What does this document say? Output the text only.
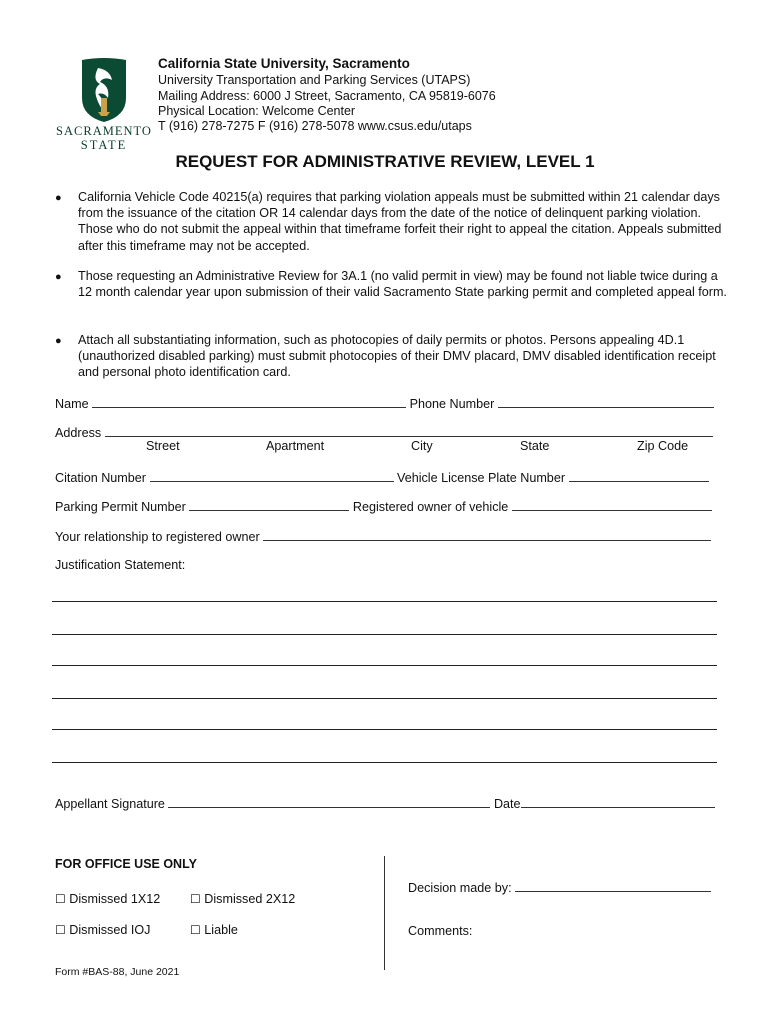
SACRAMENTO
STATE
California State University, Sacramento
University Transportation and Parking Services (UTAPS)
Mailing Address: 6000 J Street, Sacramento, CA 95819-6076
Physical Location: Welcome Center
T (916) 278-7275 F (916) 278-5078 www.csus.edu/utaps
REQUEST FOR ADMINISTRATIVE REVIEW, LEVEL 1
● California Vehicle Code 40215(a) requires that parking violation appeals must be submitted within 21 calendar days from the issuance of the citation OR 14 calendar days from the date of the notice of delinquent parking violation. Those who do not submit the appeal within that timeframe forfeit their right to appeal the citation. Appeals submitted after this timeframe may not be accepted.
● Those requesting an Administrative Review for 3A.1 (no valid permit in view) may be found not liable twice during a 12 month calendar year upon submission of their valid Sacramento State parking permit and completed appeal form.
● Attach all substantiating information, such as photocopies of daily permits or photos. Persons appealing 4D.1 (unauthorized disabled parking) must submit photocopies of their DMV placard, DMV disabled identification receipt and personal photo identification card.
Name	Phone Number
Address
Street	Apartment	City	State	Zip Code
Citation Number	Vehicle License Plate Number
Parking Permit Number	Registered owner of vehicle
Your relationship to registered owner
Justification Statement:
Appellant Signature	Date
FOR OFFICE USE ONLY
☐ Dismissed 1X12 ☐ Dismissed 2X12
☐ Dismissed IOJ	☐ Liable
Decision made by:
Comments:
Form #BAS-88, June 2021
